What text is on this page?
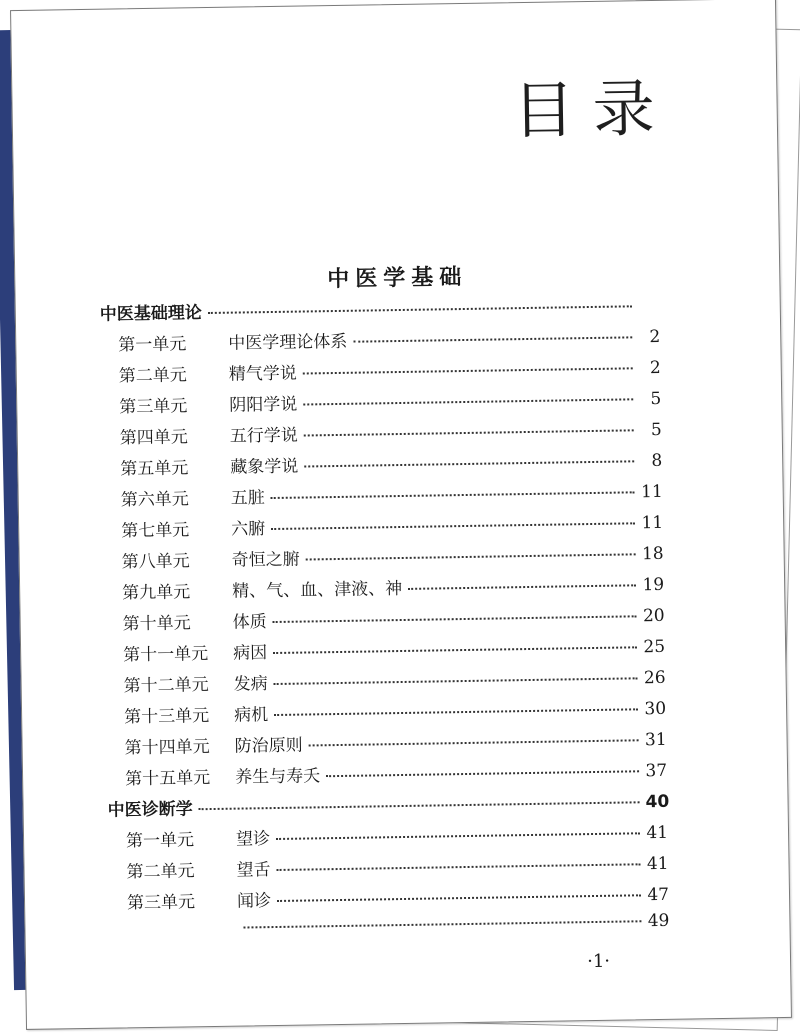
目录
中医学基础
中医基础理论
第一单元	中医学理论体系	2
第二单元	精气学说	2
第三单元	阴阳学说	5
第四单元	五行学说	5
第五单元	藏象学说	8
第六单元	五脏	11
第七单元	六腑	11
第八单元	奇恒之腑	18
第九单元	精、气、血、津液、神	19
第十单元	体质	20
第十一单元	病因	25
第十二单元	发病	26
第十三单元	病机	30
第十四单元	防治原则	31
第十五单元	养生与寿夭	37
中医诊断学	40
第一单元	望诊	41
第二单元	望舌	41
第三单元	闻诊	47
49
·1·
